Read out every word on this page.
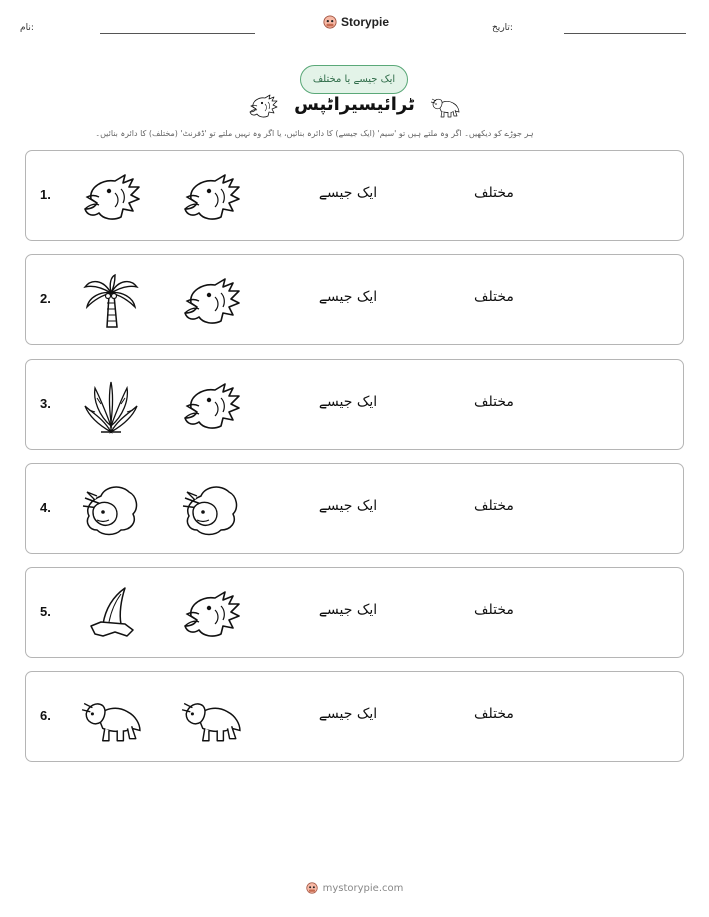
نام:	Storypie	تاریخ:
ایک جیسے یا مختلف
ٹرائیسیراٹپس
ہر جوڑے کو دیکھیں۔ اگر وہ ملتے ہیں تو 'سیم' (ایک جیسے) کا دائرہ بنائیں، یا اگر وہ نہیں ملتے تو 'ڈفرنٹ' (مختلف) کا دائرہ بنائیں۔
1.	ایک جیسے	مختلف
2.	ایک جیسے	مختلف
3.	ایک جیسے	مختلف
4.	ایک جیسے	مختلف
5.	ایک جیسے	مختلف
6.	ایک جیسے	مختلف
mystorypie.com
